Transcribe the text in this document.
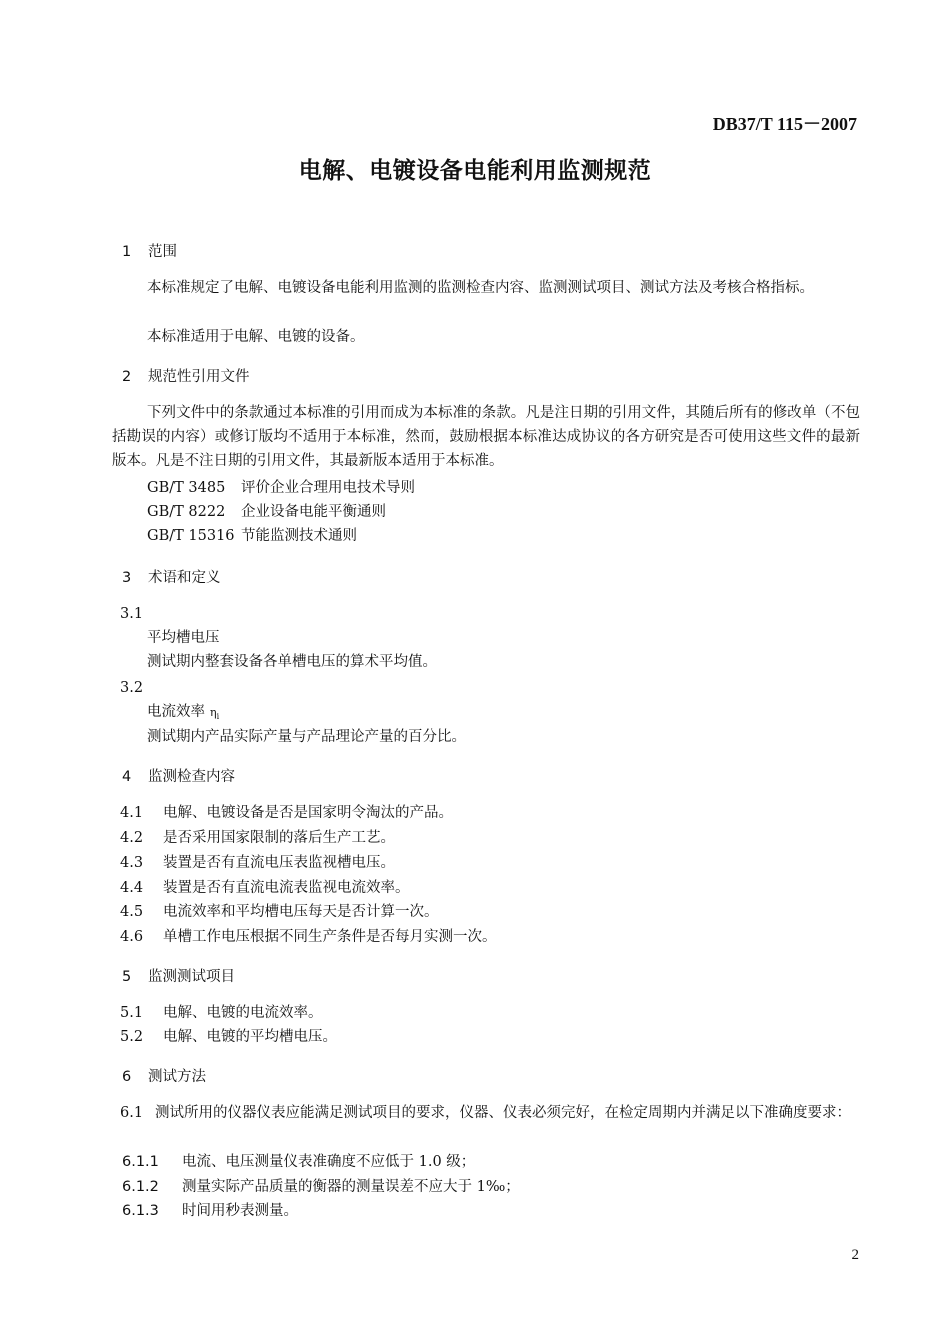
DB37/T 115－2007
电解、电镀设备电能利用监测规范
1 范围
本标准规定了电解、电镀设备电能利用监测的监测检查内容、监测测试项目、测试方法及考核合格指标。
本标准适用于电解、电镀的设备。
2 规范性引用文件
下列文件中的条款通过本标准的引用而成为本标准的条款。凡是注日期的引用文件，其随后所有的修改单（不包括勘误的内容）或修订版均不适用于本标准，然而，鼓励根据本标准达成协议的各方研究是否可使用这些文件的最新版本。凡是不注日期的引用文件，其最新版本适用于本标准。
GB/T 3485 评价企业合理用电技术导则
GB/T 8222 企业设备电能平衡通则
GB/T 15316 节能监测技术通则
3 术语和定义
3.1
平均槽电压
测试期内整套设备各单槽电压的算术平均值。
3.2
电流效率 $\eta_i$
测试期内产品实际产量与产品理论产量的百分比。
4 监测检查内容
4.1 电解、电镀设备是否是国家明令淘汰的产品。
4.2 是否采用国家限制的落后生产工艺。
4.3 装置是否有直流电压表监视槽电压。
4.4 装置是否有直流电流表监视电流效率。
4.5 电流效率和平均槽电压每天是否计算一次。
4.6 单槽工作电压根据不同生产条件是否每月实测一次。
5 监测测试项目
5.1 电解、电镀的电流效率。
5.2 电解、电镀的平均槽电压。
6 测试方法
6.1 测试所用的仪器仪表应能满足测试项目的要求，仪器、仪表必须完好，在检定周期内并满足以下准确度要求：
6.1.1 电流、电压测量仪表准确度不应低于 1.0 级；
6.1.2 测量实际产品质量的衡器的测量误差不应大于 1‰；
6.1.3 时间用秒表测量。
2
